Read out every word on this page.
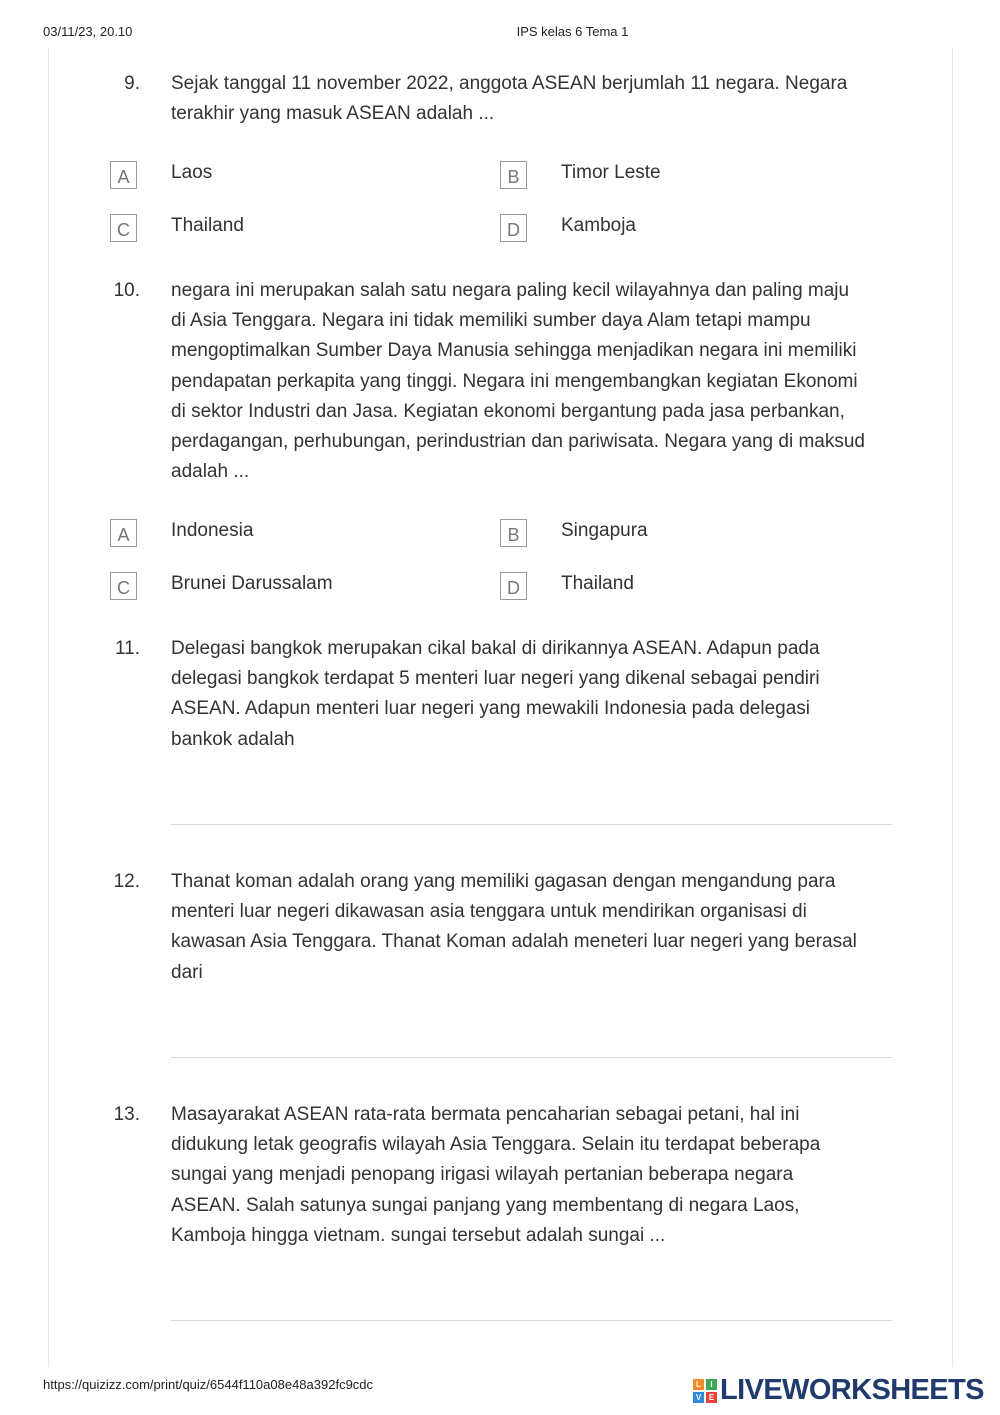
03/11/23, 20.10	IPS kelas 6 Tema 1
9. Sejak tanggal 11 november 2022, anggota ASEAN berjumlah 11 negara. Negara
terakhir yang masuk ASEAN adalah ...
A	Laos	B	Timor Leste
C	Thailand	D	Kamboja
10. negara ini merupakan salah satu negara paling kecil wilayahnya dan paling maju
di Asia Tenggara. Negara ini tidak memiliki sumber daya Alam tetapi mampu
mengoptimalkan Sumber Daya Manusia sehingga menjadikan negara ini memiliki
pendapatan perkapita yang tinggi. Negara ini mengembangkan kegiatan Ekonomi
di sektor Industri dan Jasa. Kegiatan ekonomi bergantung pada jasa perbankan,
perdagangan, perhubungan, perindustrian dan pariwisata. Negara yang di maksud
adalah ...
A	Indonesia	B	Singapura
C	Brunei Darussalam	D	Thailand
11. Delegasi bangkok merupakan cikal bakal di dirikannya ASEAN. Adapun pada
delegasi bangkok terdapat 5 menteri luar negeri yang dikenal sebagai pendiri
ASEAN. Adapun menteri luar negeri yang mewakili Indonesia pada delegasi
bankok adalah
12. Thanat koman adalah orang yang memiliki gagasan dengan mengandung para
menteri luar negeri dikawasan asia tenggara untuk mendirikan organisasi di
kawasan Asia Tenggara. Thanat Koman adalah meneteri luar negeri yang berasal
dari
13. Masayarakat ASEAN rata-rata bermata pencaharian sebagai petani, hal ini
didukung letak geografis wilayah Asia Tenggara. Selain itu terdapat beberapa
sungai yang menjadi penopang irigasi wilayah pertanian beberapa negara
ASEAN. Salah satunya sungai panjang yang membentang di negara Laos,
Kamboja hingga vietnam. sungai tersebut adalah sungai ...
https://quizizz.com/print/quiz/6544f110a08e48a392fc9cdc	L	I
V E LIVEWORKSHEETS
